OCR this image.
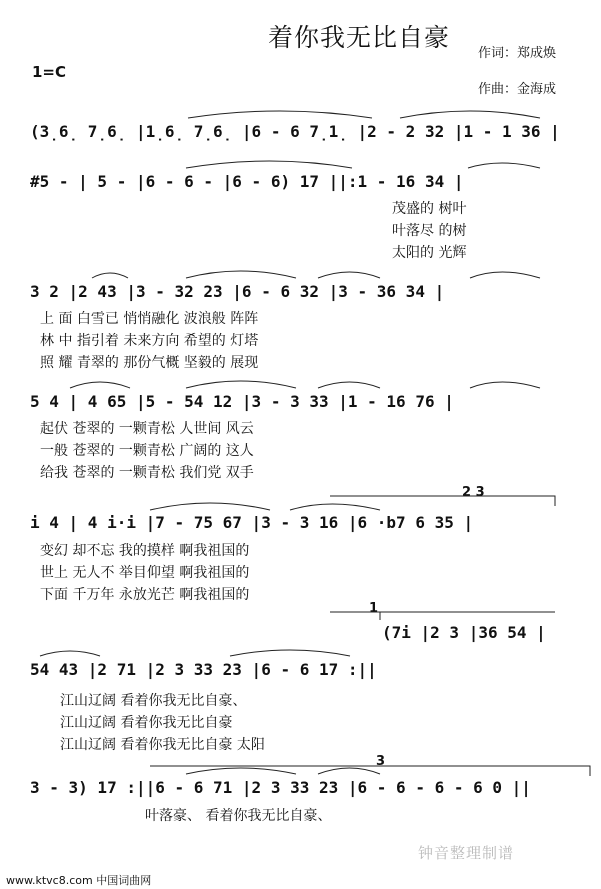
着你我无比自豪
作词：郑成焕
作曲：金海成
1=C
(3̣6̣ 7̣6̣ |1̣6̣ 7̣6̣ |6 - 6 7̣1̣ |2 - 2 32 |1 - 1 36 |
#5 - | 5 - |6 - 6 - |6 - 6) 17 ||:1 - 16 34 |
3 2 |2 43 |3 - 32 23 |6 - 6 32 |3 - 36 34 |
5 4 | 4 65 |5 - 54 12 |3 - 3 33 |1 - 16 76 |
i 4 | 4 i·i |7 - 75 67 |3 - 3 16 |6 ·b7 6 35 |
(7i |2 3 |36 54 |
54 43 |2 71 |2 3 33 23 |6 - 6 17 :||
3 - 3) 17 :||6 - 6 71 |2 3 33 23 |6 - 6 - 6 - 6 0 ||
茂盛的 树叶
叶落尽 的树
太阳的 光辉
上 面 白雪已 悄悄融化 波浪般 阵阵
林 中 指引着 未来方向 希望的 灯塔
照 耀 青翠的 那份气概 坚毅的 展现
起伏 苍翠的 一颗青松 人世间 风云
一般 苍翠的 一颗青松 广阔的 这人
给我 苍翠的 一颗青松 我们党 双手
变幻 却不忘 我的摸样 啊我祖国的
世上 无人不 举目仰望 啊我祖国的
下面 千万年 永放光芒 啊我祖国的
江山辽阔 看着你我无比自豪、
江山辽阔 看着你我无比自豪
江山辽阔 看着你我无比自豪 太阳
叶落豪、 看着你我无比自豪、
2 3
1
3
钟音整理制谱
www.ktvc8.com 中国词曲网
